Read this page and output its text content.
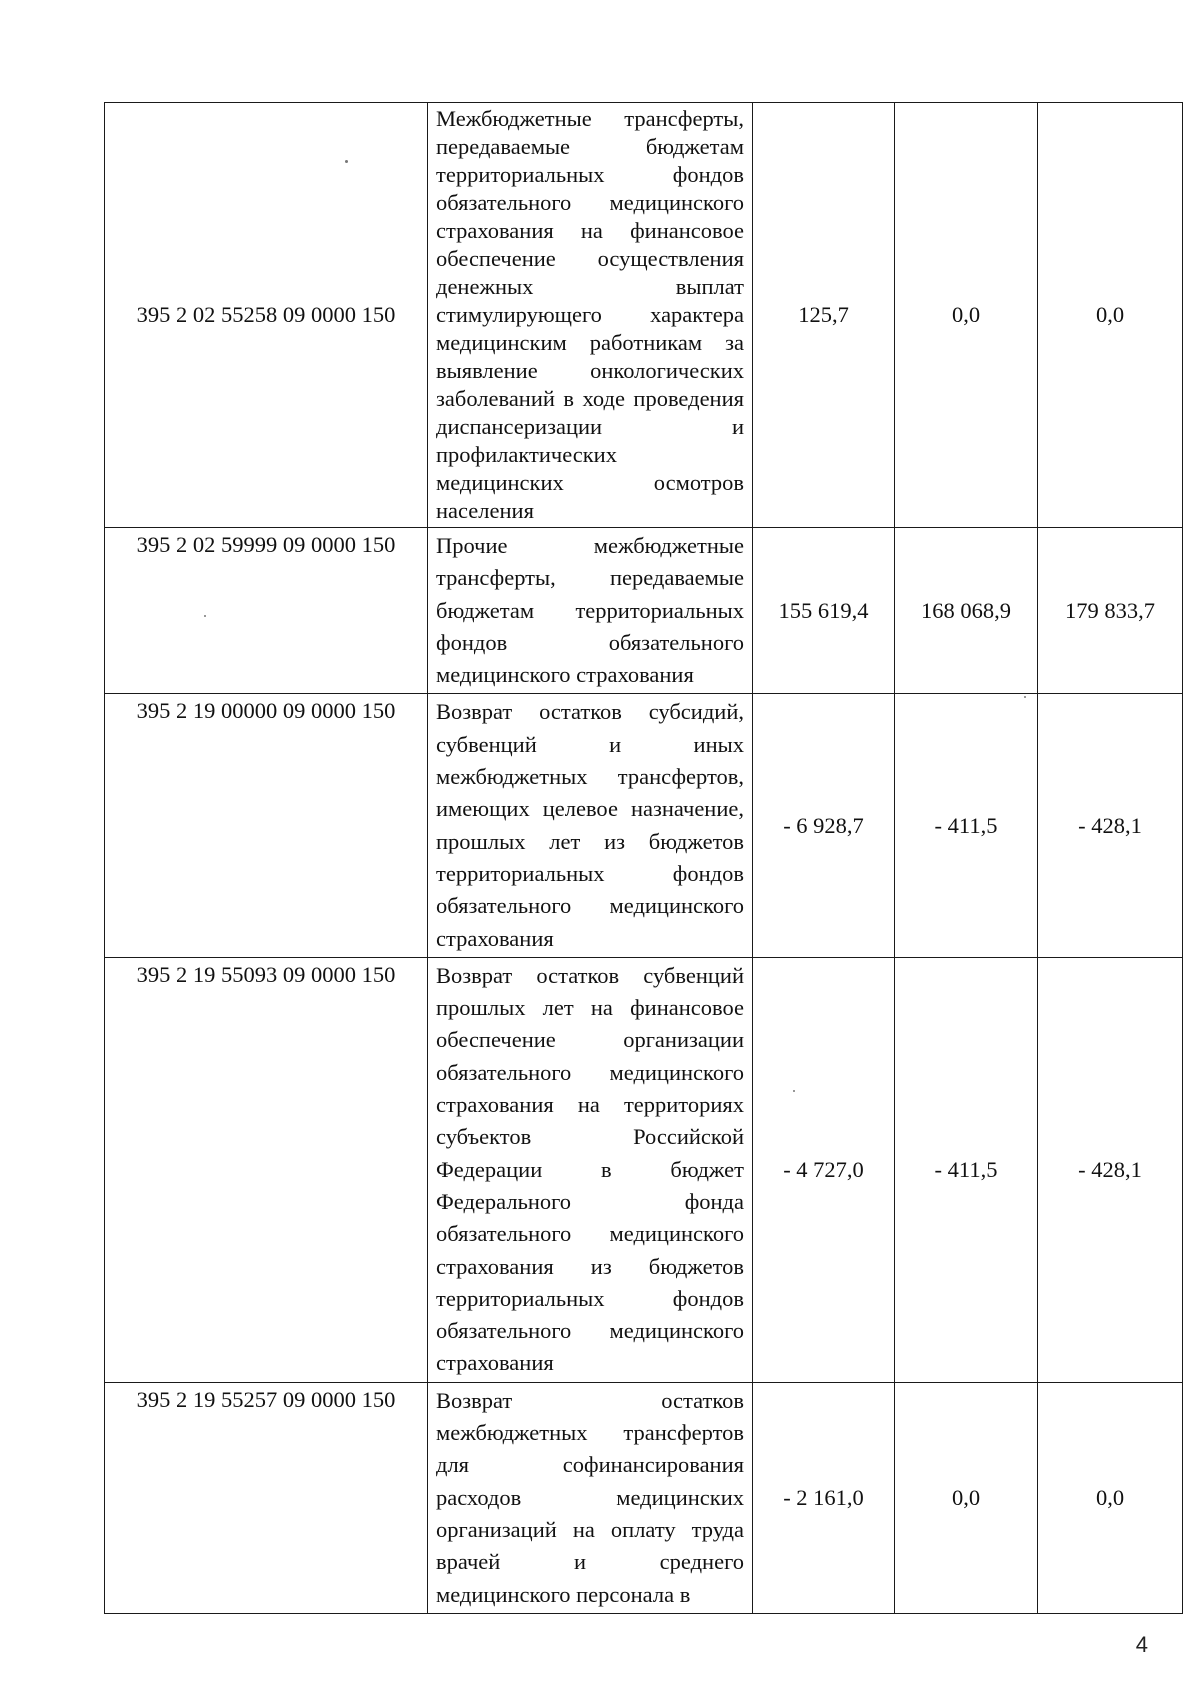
395 2 02 55258 09 0000 150	Межбюджетные трансферты, передаваемые бюджетам территориальных фондов обязательного медицинского страхования на финансовое обеспечение осуществления денежных выплат стимулирующего характера медицинским работникам за выявление онкологических заболеваний в ходе проведения диспансеризации и профилактических медицинских осмотров населения	125,7	0,0	0,0
395 2 02 59999 09 0000 150	Прочие межбюджетные трансферты, передаваемые бюджетам территориальных фондов обязательного медицинского страхования	155 619,4	168 068,9	179 833,7
395 2 19 00000 09 0000 150	Возврат остатков субсидий, субвенций и иных межбюджетных трансфертов, имеющих целевое назначение, прошлых лет из бюджетов территориальных фондов обязательного медицинского страхования	- 6 928,7	- 411,5	- 428,1
395 2 19 55093 09 0000 150	Возврат остатков субвенций прошлых лет на финансовое обеспечение организации обязательного медицинского страхования на территориях субъектов Российской Федерации в бюджет Федерального фонда обязательного медицинского страхования из бюджетов территориальных фондов обязательного медицинского страхования	- 4 727,0	- 411,5	- 428,1
395 2 19 55257 09 0000 150	Возврат остатков межбюджетных трансфертов для софинансирования расходов медицинских организаций на оплату труда врачей и среднего медицинского персонала в	- 2 161,0	0,0	0,0
4
